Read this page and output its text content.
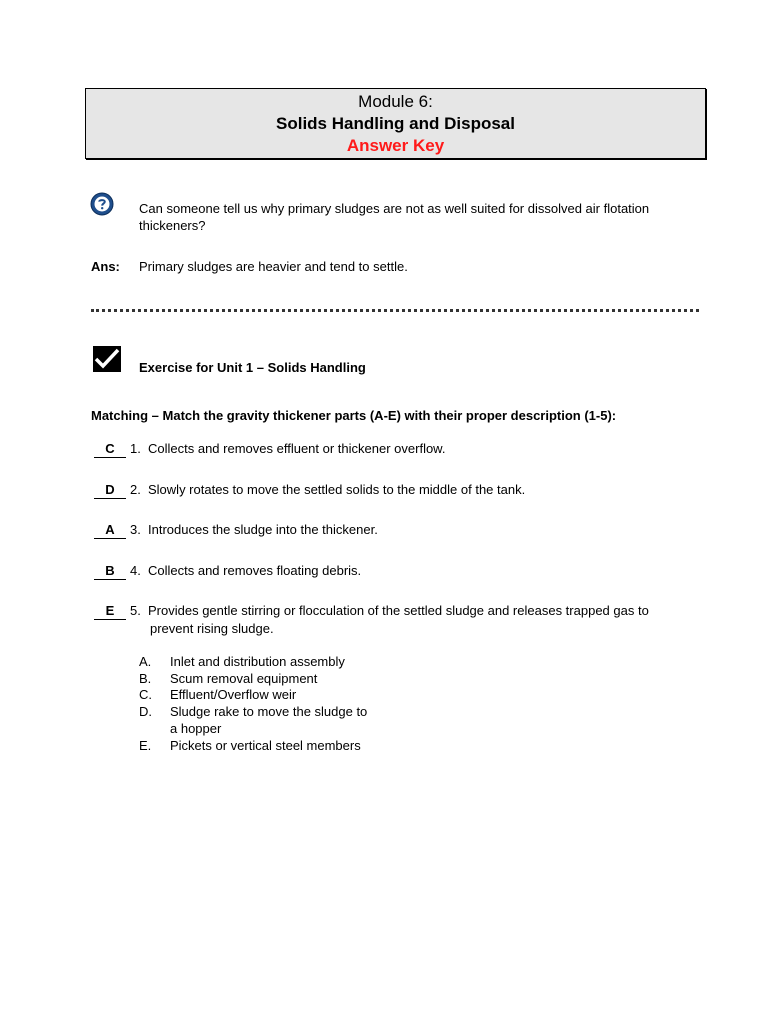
Module 6:
Solids Handling and Disposal
Answer Key
Can someone tell us why primary sludges are not as well suited for dissolved air flotation
thickeners?
Ans: Primary sludges are heavier and tend to settle.
Exercise for Unit 1 – Solids Handling
Matching – Match the gravity thickener parts (A-E) with their proper description (1-5):
C	1. Collects and removes effluent or thickener overflow.
D	2. Slowly rotates to move the settled solids to the middle of the tank.
A	3. Introduces the sludge into the thickener.
B	4. Collects and removes floating debris.
E	5. Provides gentle stirring or flocculation of the settled sludge and releases trapped gas to
prevent rising sludge.
A. Inlet and distribution assembly
B. Scum removal equipment
C. Effluent/Overflow weir
D. Sludge rake to move the sludge to
a hopper
E. Pickets or vertical steel members
